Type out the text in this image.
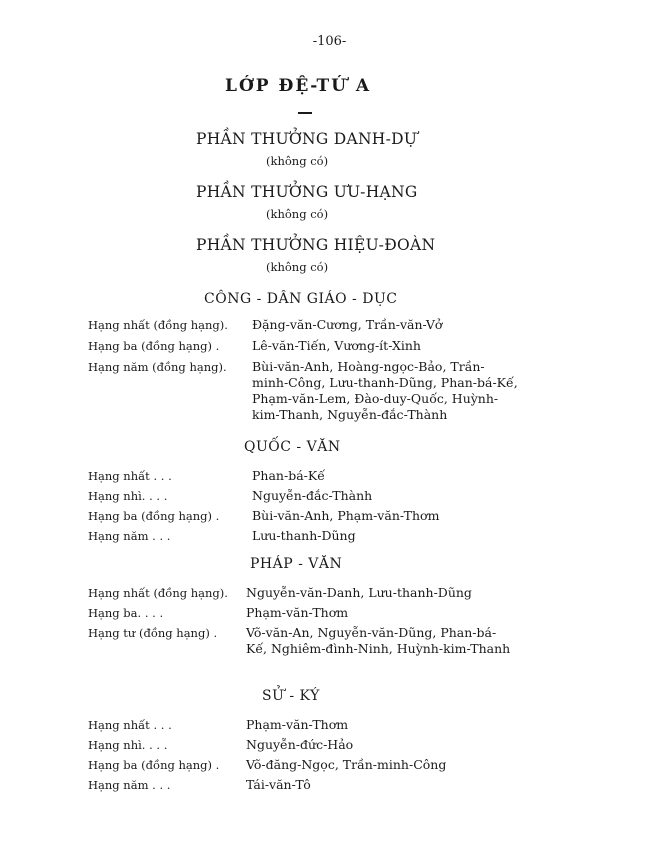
-106-
LỚP ĐỆ-TỨ A
PHẦN THƯỞNG DANH-DỰ
(không có)
PHẦN THƯỞNG ƯU-HẠNG
(không có)
PHẦN THƯỞNG HIỆU-ĐOÀN
(không có)
CÔNG - DÂN GIÁO - DỤC
Hạng nhất (đồng hạng). Đặng-văn-Cương, Trần-văn-Vở
Hạng ba (đồng hạng) .	Lê-văn-Tiến, Vương-ít-Xinh
Hạng năm (đồng hạng). Bùi-văn-Anh, Hoàng-ngọc-Bảo, Trần-minh-Công, Lưu-thanh-Dũng, Phan-bá-Kế, Phạm-văn-Lem, Đào-duy-Quốc, Huỳnh-kim-Thanh, Nguyễn-đắc-Thành
QUỐC - VĂN
Hạng nhất . . .	Phan-bá-Kế
Hạng nhì. . . .	Nguyễn-đắc-Thành
Hạng ba (đồng hạng) .	Bùi-văn-Anh, Phạm-văn-Thơm
Hạng năm . . .	Lưu-thanh-Dũng
PHÁP - VĂN
Hạng nhất (đồng hạng). Nguyễn-văn-Danh, Lưu-thanh-Dũng
Hạng ba. . . .	Phạm-văn-Thơm
Hạng tư (đồng hạng) . Võ-văn-An, Nguyễn-văn-Dũng, Phan-bá-Kế, Nghiêm-đình-Ninh, Huỳnh-kim-Thanh
SỬ - KÝ
Hạng nhất . . .	Phạm-văn-Thơm
Hạng nhì. . . .	Nguyễn-đức-Hảo
Hạng ba (đồng hạng) . Võ-đăng-Ngọc, Trần-minh-Công
Hạng năm . . .	Tái-văn-Tô
